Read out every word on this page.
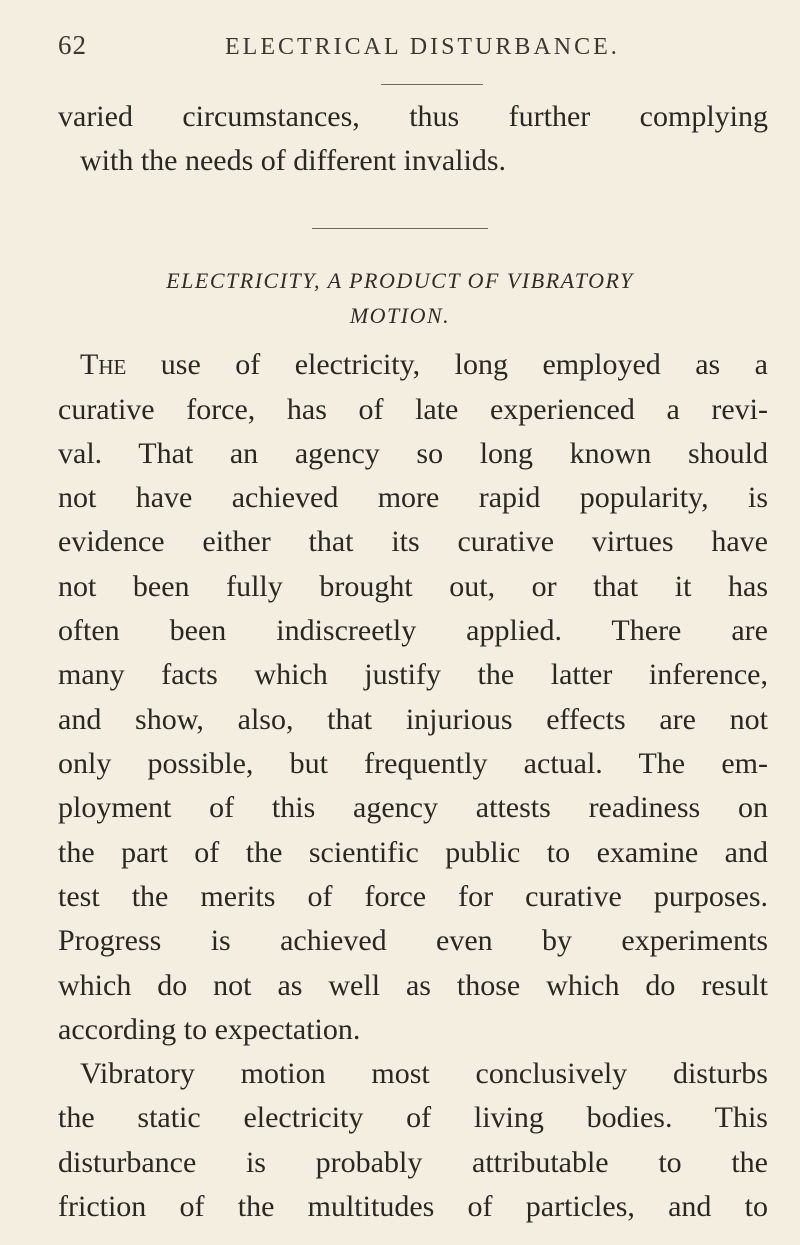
62	ELECTRICAL DISTURBANCE.
varied circumstances, thus further complying
with the needs of different invalids.
ELECTRICITY, A PRODUCT OF VIBRATORY
MOTION.
The use of electricity, long employed as a
curative force, has of late experienced a revi-
val. That an agency so long known should
not have achieved more rapid popularity, is
evidence either that its curative virtues have
not been fully brought out, or that it has
often been indiscreetly applied. There are
many facts which justify the latter inference,
and show, also, that injurious effects are not
only possible, but frequently actual. The em-
ployment of this agency attests readiness on
the part of the scientific public to examine and
test the merits of force for curative purposes.
Progress is achieved even by experiments
which do not as well as those which do result
according to expectation.
Vibratory motion most conclusively disturbs
the static electricity of living bodies. This
disturbance is probably attributable to the
friction of the multitudes of particles, and to
